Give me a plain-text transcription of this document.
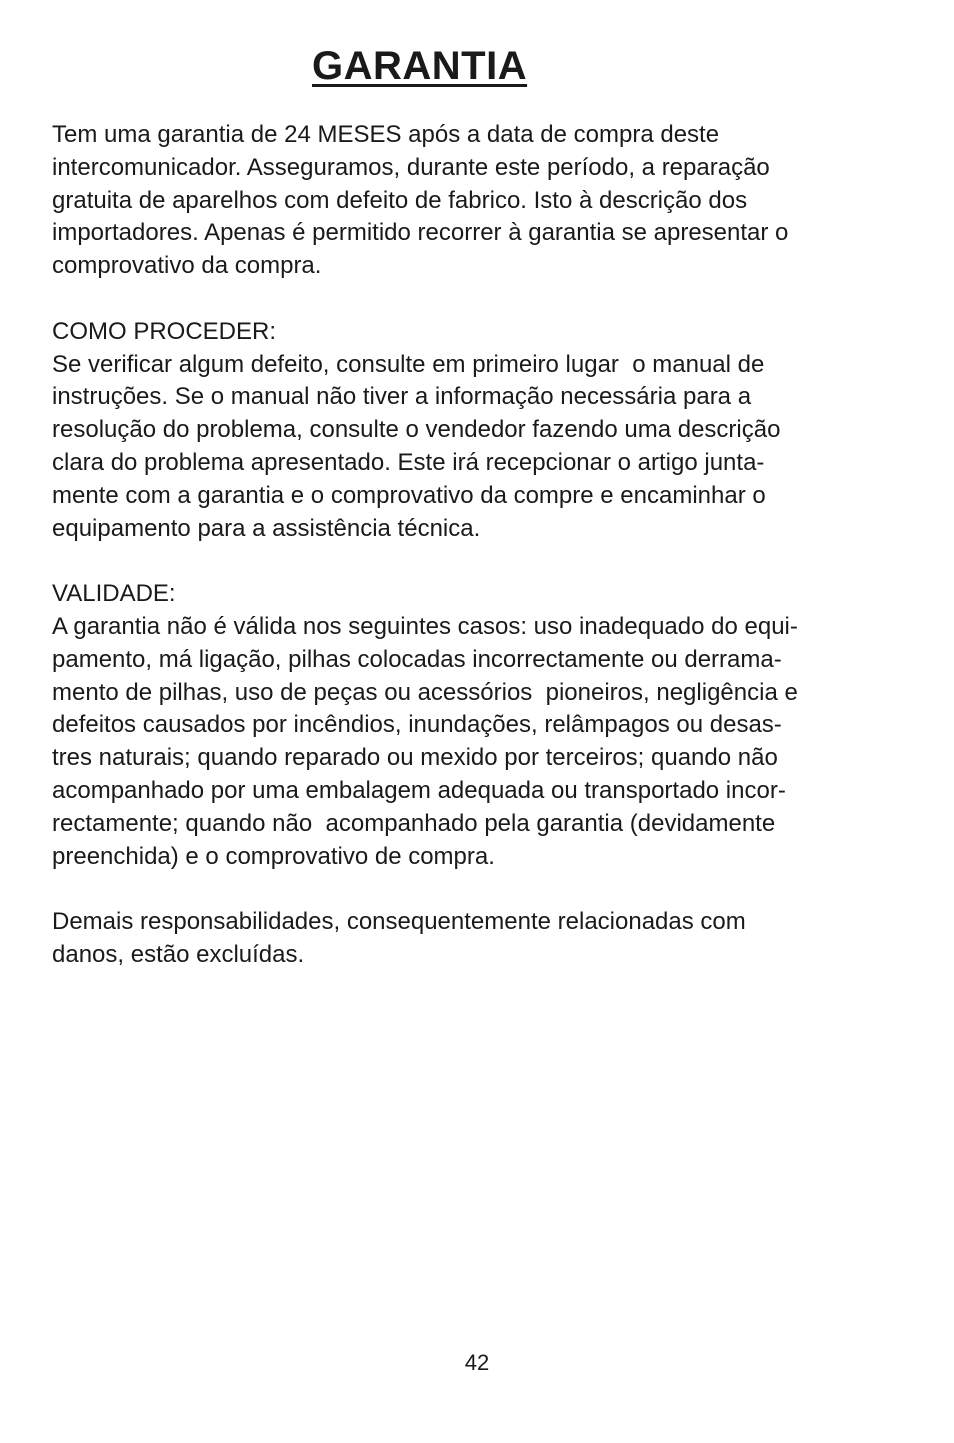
GARANTIA
Tem uma garantia de 24 MESES após a data de compra deste
intercomunicador. Asseguramos, durante este período, a reparação
gratuita de aparelhos com defeito de fabrico. Isto à descrição dos
importadores. Apenas é permitido recorrer à garantia se apresentar o
comprovativo da compra.
COMO PROCEDER:
Se verificar algum defeito, consulte em primeiro lugar  o manual de
instruções. Se o manual não tiver a informação necessária para a
resolução do problema, consulte o vendedor fazendo uma descrição
clara do problema apresentado. Este irá recepcionar o artigo junta-
mente com a garantia e o comprovativo da compre e encaminhar o
equipamento para a assistência técnica.
VALIDADE:
A garantia não é válida nos seguintes casos: uso inadequado do equi-
pamento, má ligação, pilhas colocadas incorrectamente ou derrama-
mento de pilhas, uso de peças ou acessórios  pioneiros, negligência e
defeitos causados por incêndios, inundações, relâmpagos ou desas-
tres naturais; quando reparado ou mexido por terceiros; quando não
acompanhado por uma embalagem adequada ou transportado incor-
rectamente; quando não  acompanhado pela garantia (devidamente
preenchida) e o comprovativo de compra.
Demais responsabilidades, consequentemente relacionadas com
danos, estão excluídas.
42
